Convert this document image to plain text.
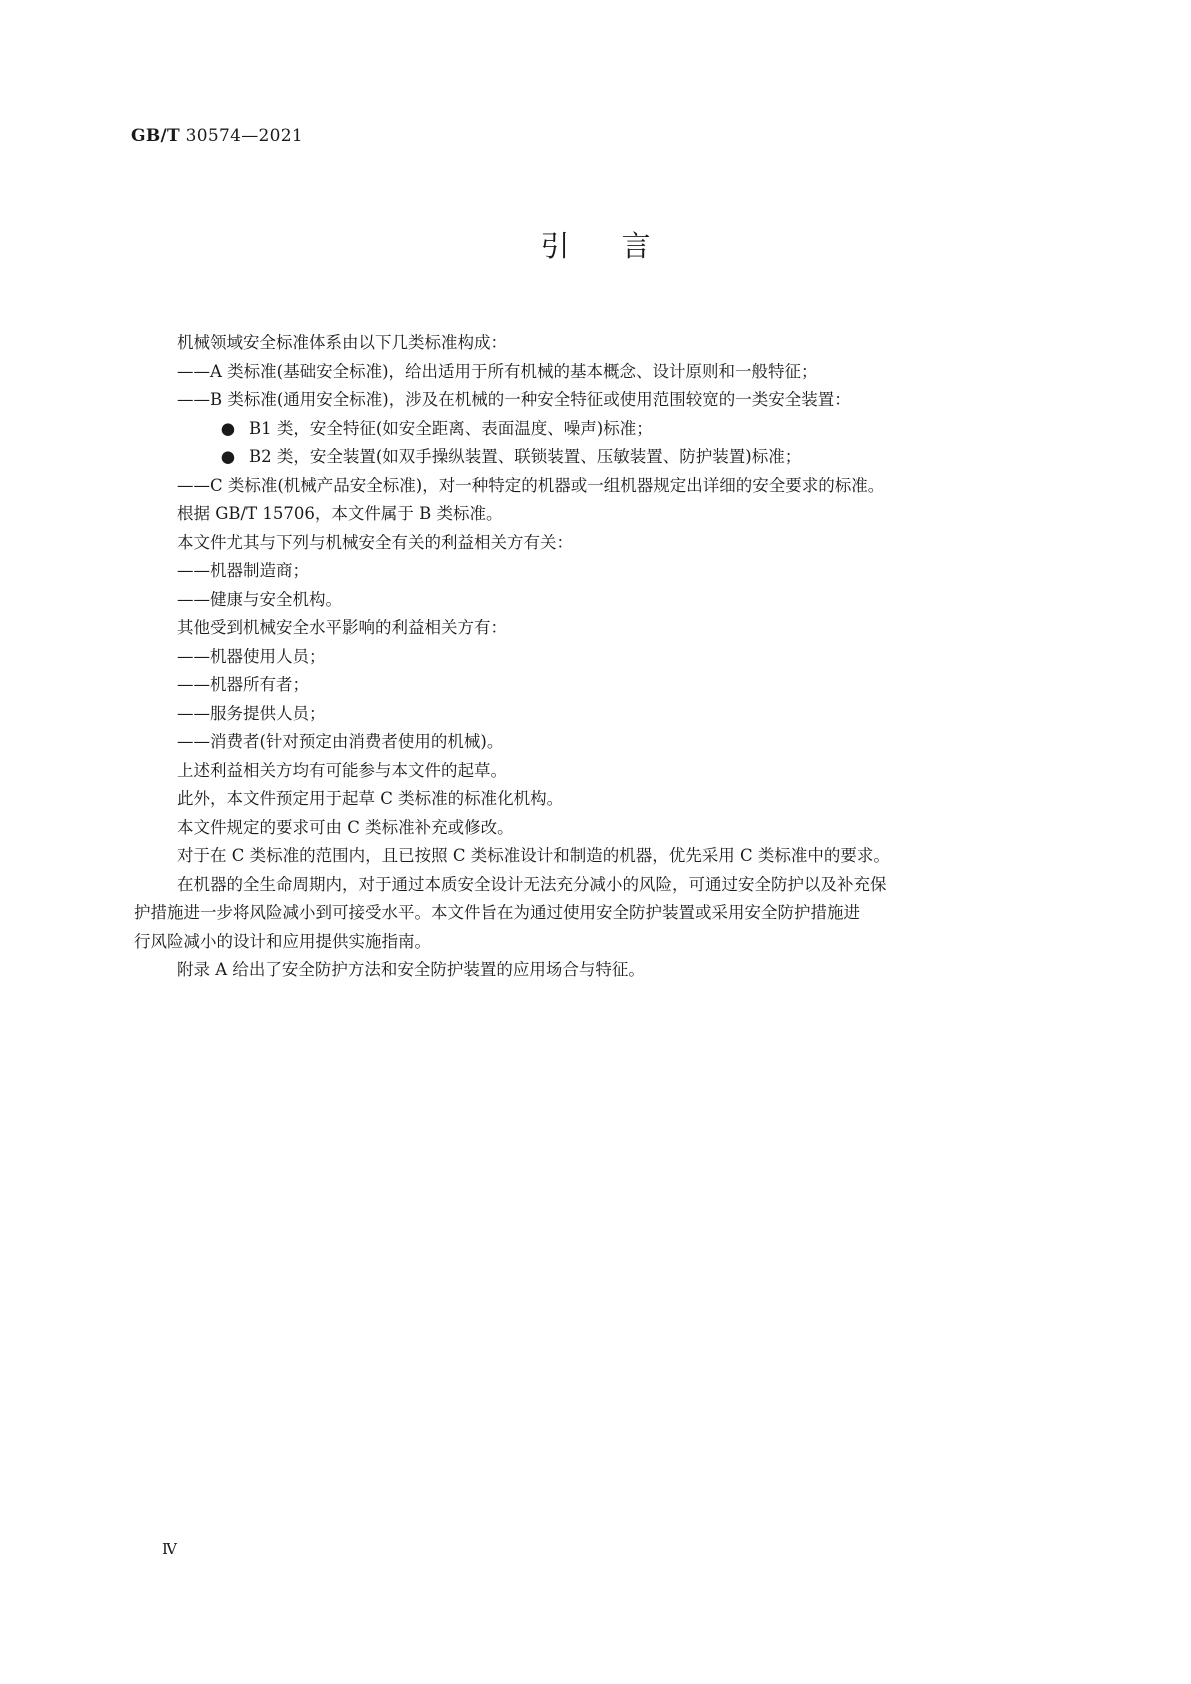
GB/T 30574—2021
引言

机械领域安全标准体系由以下几类标准构成：

——A 类标准(基础安全标准)，给出适用于所有机械的基本概念、设计原则和一般特征；

——B 类标准(通用安全标准)，涉及在机械的一种安全特征或使用范围较宽的一类安全装置：

● B1 类，安全特征(如安全距离、表面温度、噪声)标准；

● B2 类，安全装置(如双手操纵装置、联锁装置、压敏装置、防护装置)标准；

——C 类标准(机械产品安全标准)，对一种特定的机器或一组机器规定出详细的安全要求的标准。

根据 GB/T 15706，本文件属于 B 类标准。

本文件尤其与下列与机械安全有关的利益相关方有关：

——机器制造商；

——健康与安全机构。

其他受到机械安全水平影响的利益相关方有：

——机器使用人员；

——机器所有者；

——服务提供人员；

——消费者(针对预定由消费者使用的机械)。

上述利益相关方均有可能参与本文件的起草。

此外，本文件预定用于起草 C 类标准的标准化机构。

本文件规定的要求可由 C 类标准补充或修改。

对于在 C 类标准的范围内，且已按照 C 类标准设计和制造的机器，优先采用 C 类标准中的要求。

在机器的全生命周期内，对于通过本质安全设计无法充分减小的风险，可通过安全防护以及补充保

护措施进一步将风险减小到可接受水平。本文件旨在为通过使用安全防护装置或采用安全防护措施进

行风险减小的设计和应用提供实施指南。

附录 A 给出了安全防护方法和安全防护装置的应用场合与特征。

Ⅳ
